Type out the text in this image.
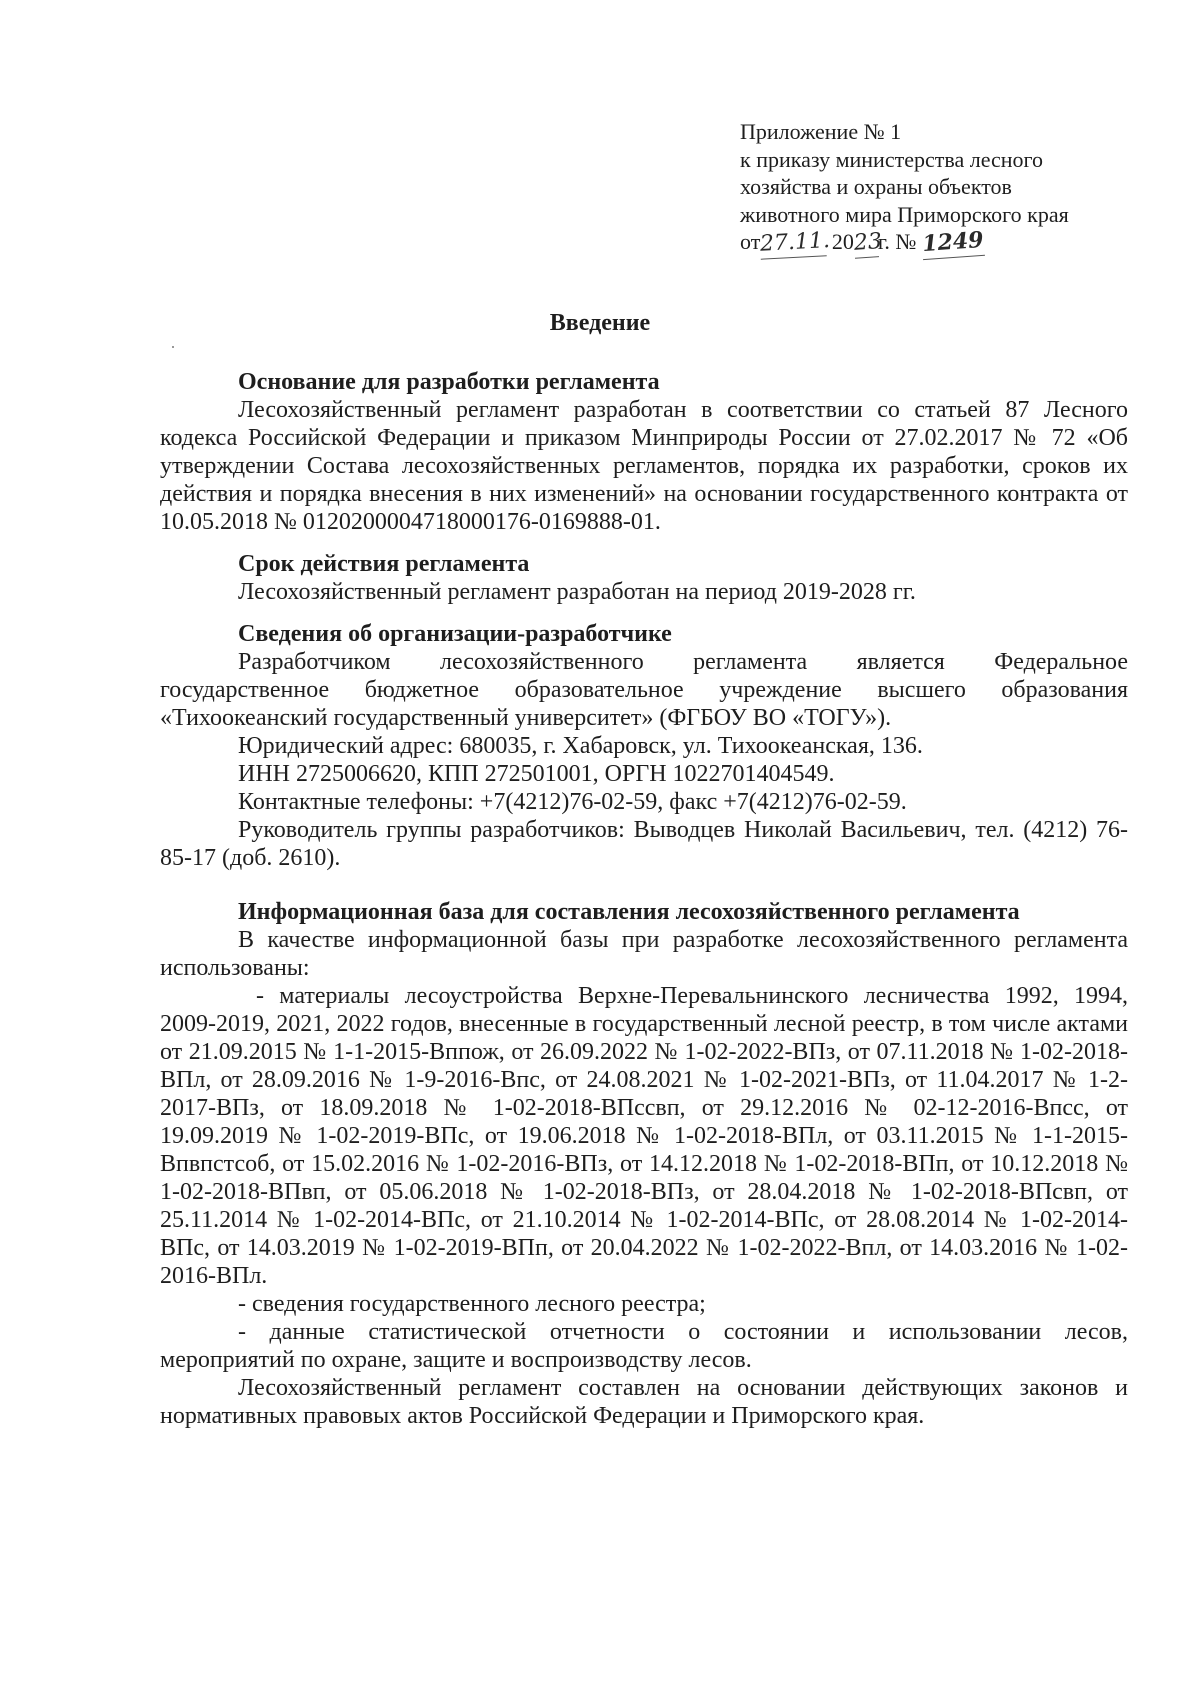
Приложение № 1
к приказу министерства лесного
хозяйства и охраны объектов
животного мира Приморского края
от27.11. 2023г. № 1249
Введение
Основание для разработки регламента

Лесохозяйственный регламент разработан в соответствии со статьей 87 Лесного кодекса Российской Федерации и приказом Минприроды России от 27.02.2017 № 72 «Об утверждении Состава лесохозяйственных регламентов, порядка их разработки, сроков их действия и порядка внесения в них изменений» на основании государственного контракта от 10.05.2018 № 0120200004718000176-0169888-01.

Срок действия регламента

Лесохозяйственный регламент разработан на период 2019-2028 гг.

Сведения об организации-разработчике

Разработчиком лесохозяйственного регламента является Федеральное государственное бюджетное образовательное учреждение высшего образования «Тихоокеанский государственный университет» (ФГБОУ ВО «ТОГУ»).

Юридический адрес: 680035, г. Хабаровск, ул. Тихоокеанская, 136.

ИНН 2725006620, КПП 272501001, ОРГН 1022701404549.

Контактные телефоны: +7(4212)76-02-59, факс +7(4212)76-02-59.

Руководитель группы разработчиков: Выводцев Николай Васильевич, тел. (4212) 76-85-17 (доб. 2610).

Информационная база для составления лесохозяйственного регламента

В качестве информационной базы при разработке лесохозяйственного регламента использованы:

- материалы лесоустройства Верхне-Перевальнинского лесничества 1992, 1994, 2009-2019, 2021, 2022 годов, внесенные в государственный лесной реестр, в том числе актами от 21.09.2015 № 1-1-2015-Вппож, от 26.09.2022 № 1-02-2022-ВПз, от 07.11.2018 № 1-02-2018-ВПл, от 28.09.2016 № 1-9-2016-Впс, от 24.08.2021 № 1-02-2021-ВПз, от 11.04.2017 № 1-2-2017-ВПз, от 18.09.2018 № 1-02-2018-ВПссвп, от 29.12.2016 № 02-12-2016-Впсс, от 19.09.2019 № 1-02-2019-ВПс, от 19.06.2018 № 1-02-2018-ВПл, от 03.11.2015 № 1-1-2015-Впвпстсоб, от 15.02.2016 № 1-02-2016-ВПз, от 14.12.2018 № 1-02-2018-ВПп, от 10.12.2018 № 1-02-2018-ВПвп, от 05.06.2018 № 1-02-2018-ВПз, от 28.04.2018 № 1-02-2018-ВПсвп, от 25.11.2014 № 1-02-2014-ВПс, от 21.10.2014 № 1-02-2014-ВПс, от 28.08.2014 № 1-02-2014-ВПс, от 14.03.2019 № 1-02-2019-ВПп, от 20.04.2022 № 1-02-2022-Впл, от 14.03.2016 № 1-02-2016-ВПл.

- сведения государственного лесного реестра;

- данные статистической отчетности о состоянии и использовании лесов, мероприятий по охране, защите и воспроизводству лесов.

Лесохозяйственный регламент составлен на основании действующих законов и нормативных правовых актов Российской Федерации и Приморского края.
